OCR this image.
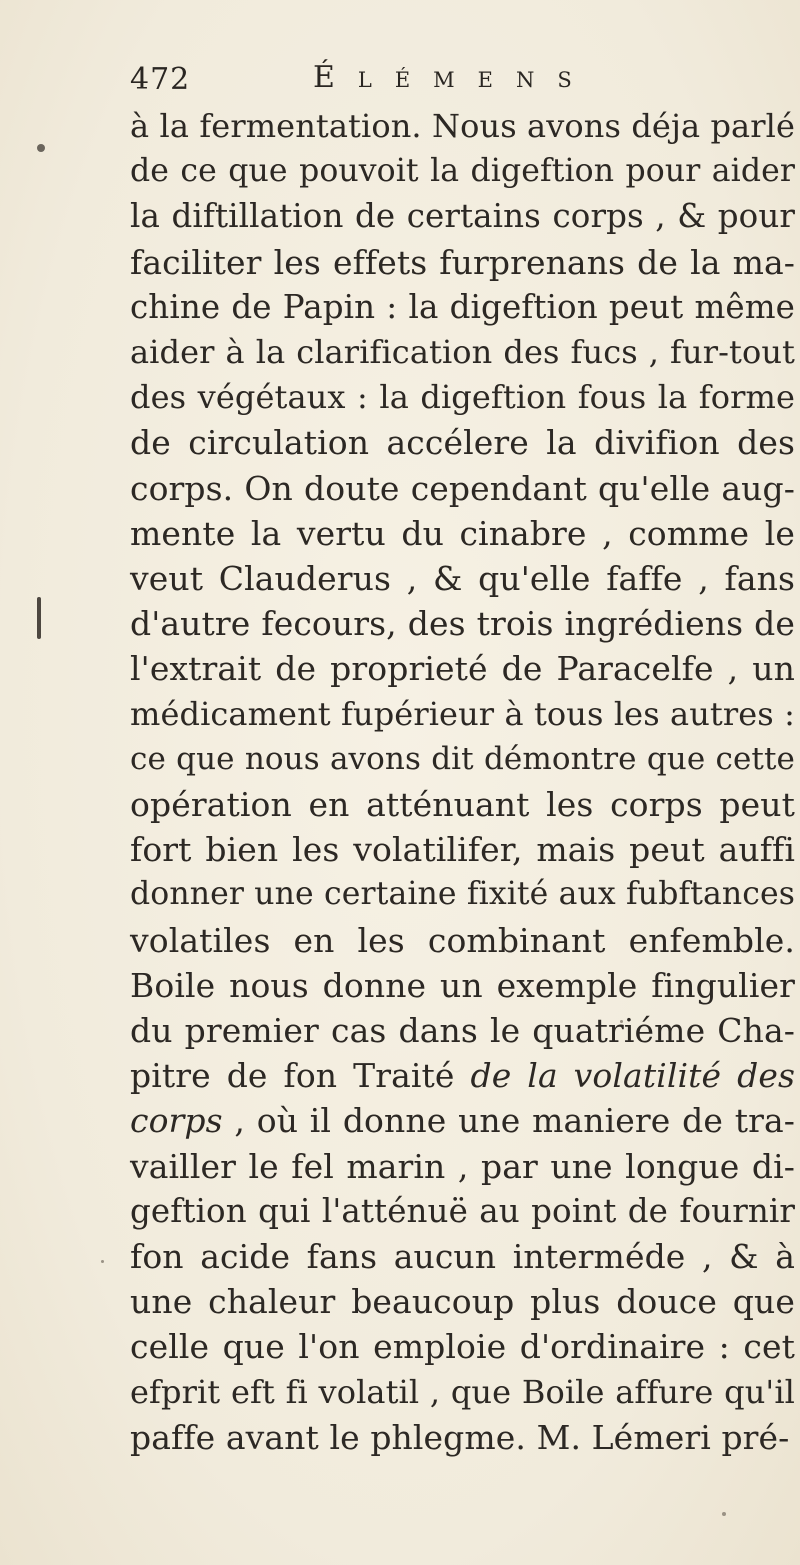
472	Élémens
à la fermentation. Nous avons déja parlé
de ce que pouvoit la digeftion pour aider
la diftillation de certains corps , & pour
faciliter les effets furprenans de la ma-
chine de Papin : la digeftion peut même
aider à la clarification des fucs , fur-tout
des végétaux : la digeftion fous la forme
de circulation accélere la divifion des
corps. On doute cependant qu'elle aug-
mente la vertu du cinabre , comme le
veut Clauderus , & qu'elle faffe , fans
d'autre fecours, des trois ingrédiens de
l'extrait de proprieté de Paracelfe , un
médicament fupérieur à tous les autres :
ce que nous avons dit démontre que cette
opération en atténuant les corps peut
fort bien les volatilifer, mais peut auffi
donner une certaine fixité aux fubftances
volatiles en les combinant enfemble.
Boile nous donne un exemple fingulier
du premier cas dans le quatriéme Cha-
pitre de fon Traité de la volatilité des
corps , où il donne une maniere de tra-
vailler le fel marin , par une longue di-
geftion qui l'atténuë au point de fournir
fon acide fans aucun interméde , & à
une chaleur beaucoup plus douce que
celle que l'on emploie d'ordinaire : cet
efprit eft fi volatil , que Boile affure qu'il
paffe avant le phlegme. M. Lémeri pré-
